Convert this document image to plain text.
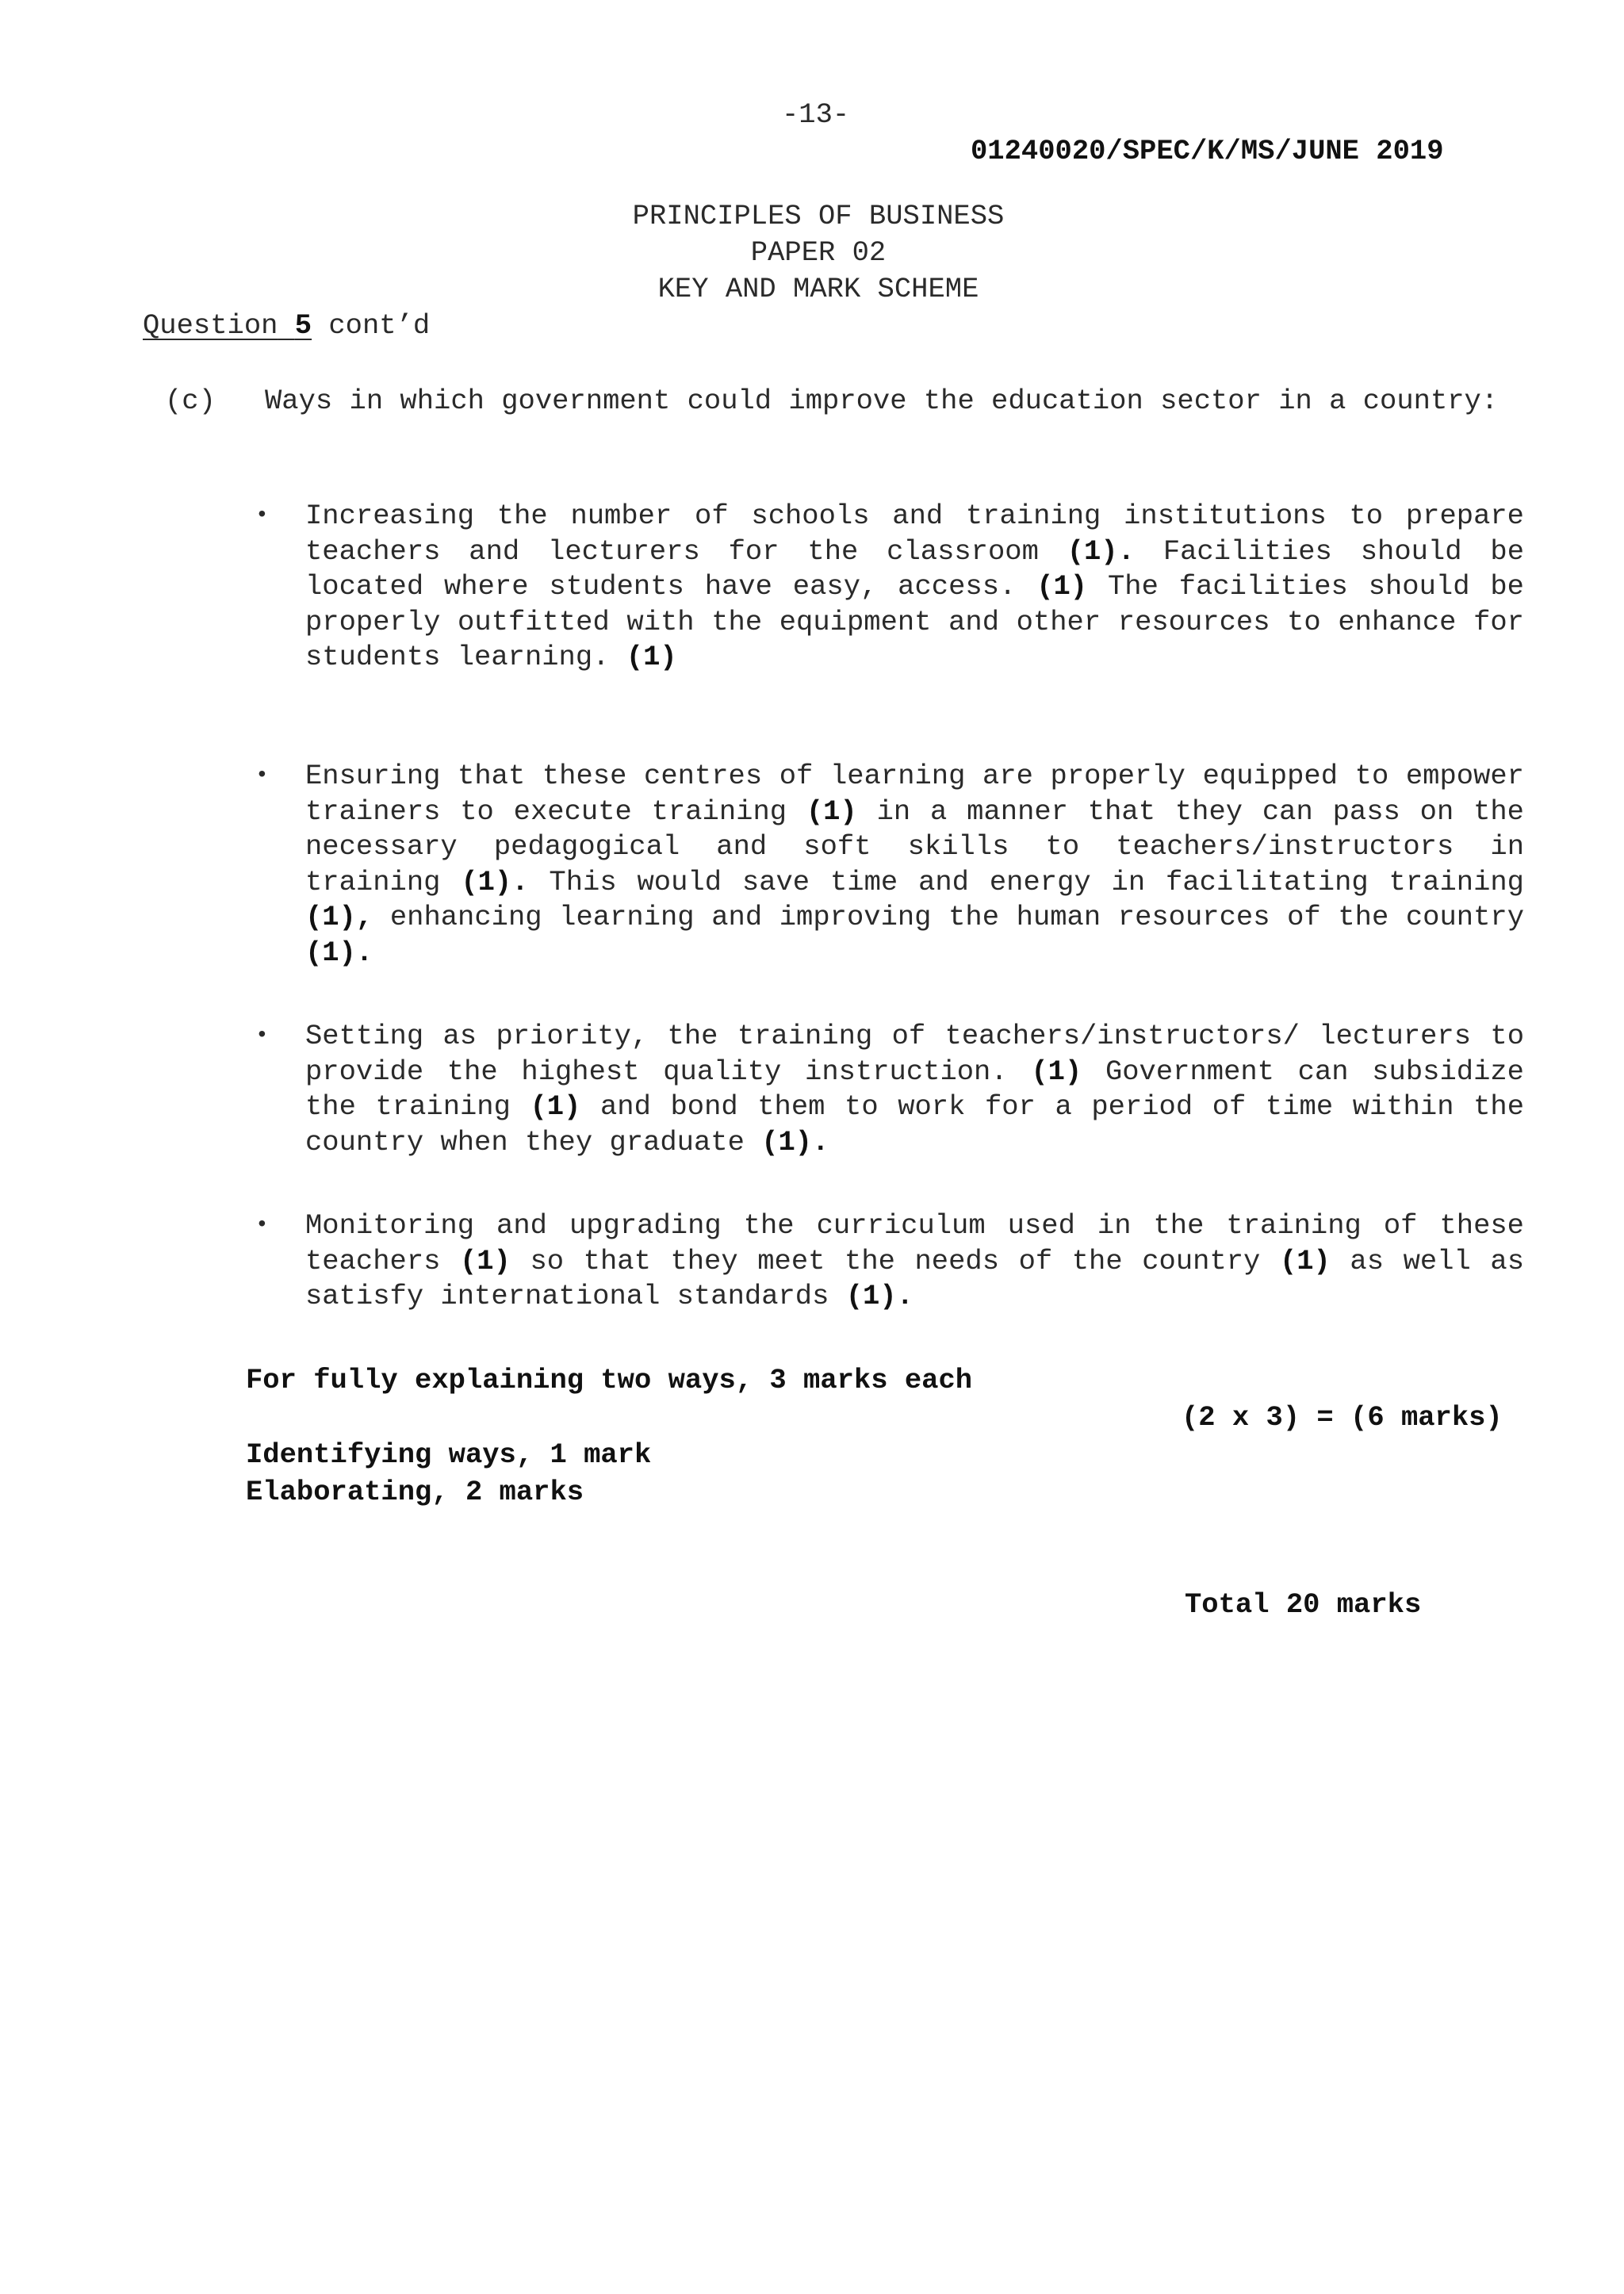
-13-
01240020/SPEC/K/MS/JUNE 2019
PRINCIPLES OF BUSINESS
PAPER 02
KEY AND MARK SCHEME
Question 5 cont’d
(c) Ways in which government could improve the education sector in a country:
• Increasing the number of schools and training institutions to prepare teachers and lecturers for the classroom (1). Facilities should be located where students have easy, access. (1) The facilities should be properly outfitted with the equipment and other resources to enhance for students learning. (1)
• Ensuring that these centres of learning are properly equipped to empower trainers to execute training (1) in a manner that they can pass on the necessary pedagogical and soft skills to teachers/instructors in training (1). This would save time and energy in facilitating training (1), enhancing learning and improving the human resources of the country (1).
• Setting as priority, the training of teachers/instructors/ lecturers to provide the highest quality instruction. (1) Government can subsidize the training (1) and bond them to work for a period of time within the country when they graduate (1).
• Monitoring and upgrading the curriculum used in the training of these teachers (1) so that they meet the needs of the country (1) as well as satisfy international standards (1).
For fully explaining two ways, 3 marks each
(2 x 3) = (6 marks)
Identifying ways, 1 mark
Elaborating, 2 marks
Total 20 marks
